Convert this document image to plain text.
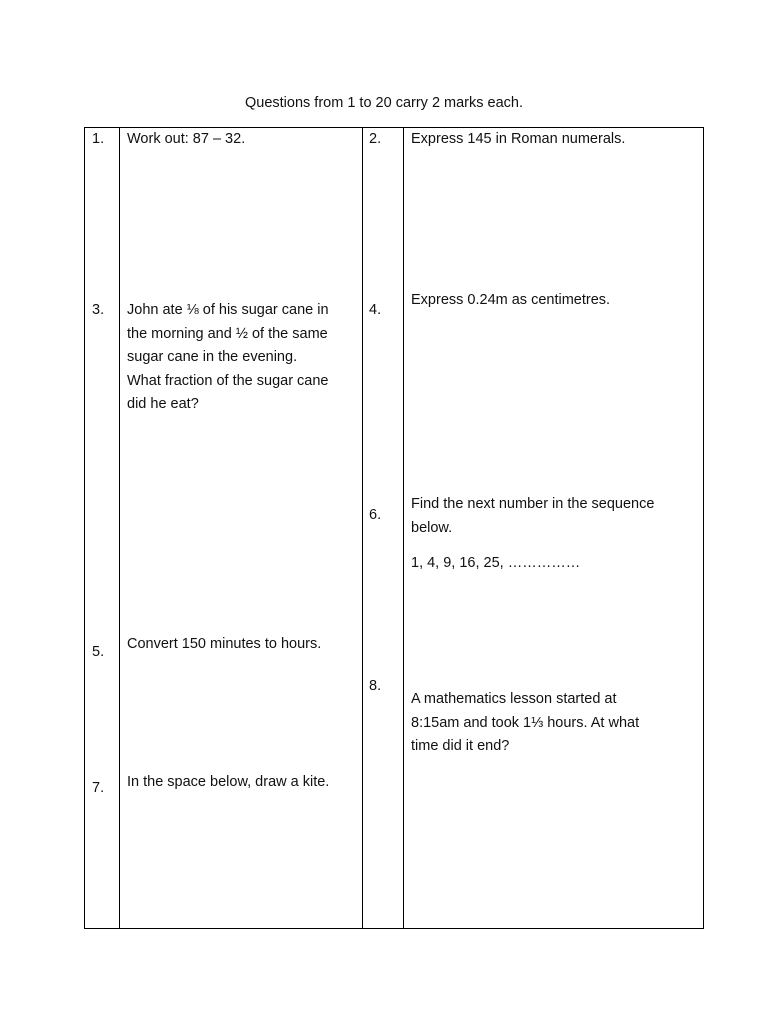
Questions from 1 to 20 carry 2 marks each.
1. Work out: 87 – 32.	2. Express 145 in Roman numerals.

3. John ate ⅛ of his sugar cane in

the morning and ½ of the same

sugar cane in the evening.

What fraction of the sugar cane

did he eat?

4.

Express 0.24m as centimetres.

5. Convert 150 minutes to hours.

6.

Find the next number in the sequence

below.

1, 4, 9, 16, 25, ……………
7. In the space below, draw a kite.

8.

A mathematics lesson started at

8:15am and took 1⅓ hours. At what

time did it end?
